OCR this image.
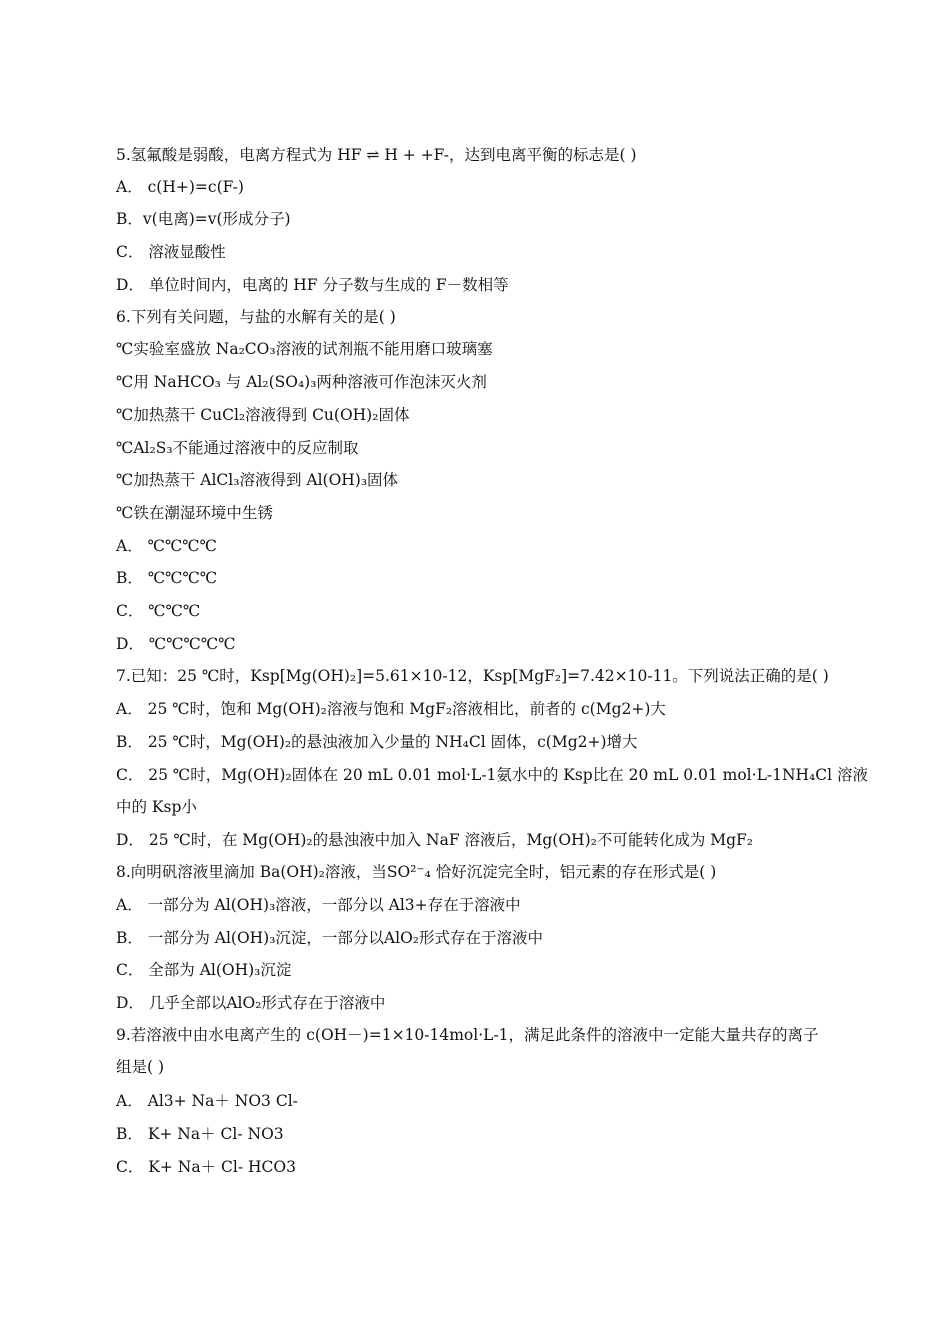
5.氢氟酸是弱酸，电离方程式为 HF ⇌ H + +F-，达到电离平衡的标志是( )
A． c(H+)=c(F-)
B．v(电离)=v(形成分子)
C． 溶液显酸性
D． 单位时间内，电离的 HF 分子数与生成的 F－数相等
6.下列有关问题，与盐的水解有关的是( )
℃实验室盛放 Na₂CO₃溶液的试剂瓶不能用磨口玻璃塞
℃用 NaHCO₃ 与 Al₂(SO₄)₃两种溶液可作泡沫灭火剂
℃加热蒸干 CuCl₂溶液得到 Cu(OH)₂固体
℃Al₂S₃不能通过溶液中的反应制取
℃加热蒸干 AlCl₃溶液得到 Al(OH)₃固体
℃铁在潮湿环境中生锈
A． ℃℃℃℃
B． ℃℃℃℃
C． ℃℃℃
D． ℃℃℃℃℃
7.已知：25 ℃时，Ksp[Mg(OH)₂]=5.61×10-12，Ksp[MgF₂]=7.42×10-11。下列说法正确的是( )
A． 25 ℃时，饱和 Mg(OH)₂溶液与饱和 MgF₂溶液相比，前者的 c(Mg2+)大
B． 25 ℃时，Mg(OH)₂的悬浊液加入少量的 NH₄Cl 固体，c(Mg2+)增大
C． 25 ℃时，Mg(OH)₂固体在 20 mL 0.01 mol·L-1氨水中的 Ksp比在 20 mL 0.01 mol·L-1NH₄Cl 溶液
中的 Ksp小
D． 25 ℃时，在 Mg(OH)₂的悬浊液中加入 NaF 溶液后，Mg(OH)₂不可能转化成为 MgF₂
8.向明矾溶液里滴加 Ba(OH)₂溶液，当SO²⁻₄ 恰好沉淀完全时，铝元素的存在形式是( )
A． 一部分为 Al(OH)₃溶液，一部分以 Al3+存在于溶液中
B． 一部分为 Al(OH)₃沉淀，一部分以AlO₂形式存在于溶液中
C． 全部为 Al(OH)₃沉淀
D． 几乎全部以AlO₂形式存在于溶液中
9.若溶液中由水电离产生的 c(OH－)=1×10-14mol·L-1，满足此条件的溶液中一定能大量共存的离子
组是( )
A． Al3+ Na＋ NO3 Cl-
B． K+ Na＋ Cl- NO3
C． K+ Na＋ Cl- HCO3
